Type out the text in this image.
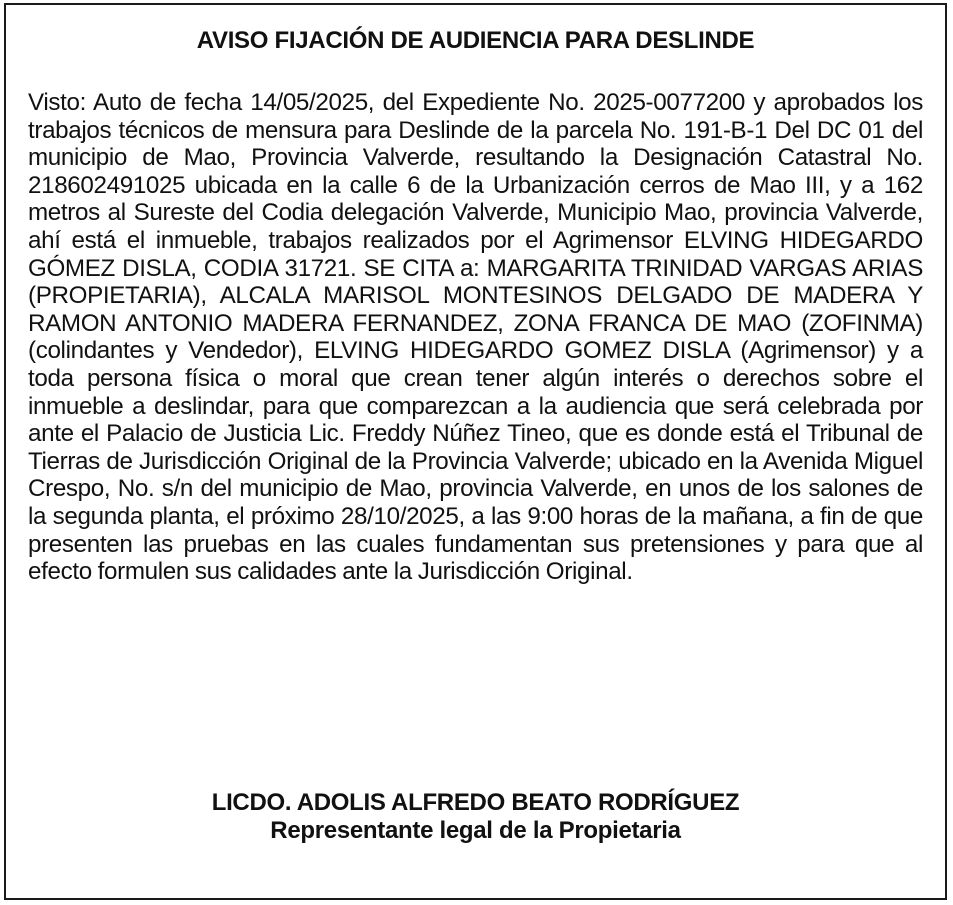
AVISO FIJACIÓN DE AUDIENCIA PARA DESLINDE

Visto: Auto de fecha 14/05/2025, del Expediente No. 2025-0077200 y aprobados los trabajos técnicos de mensura para Deslinde de la parcela No. 191-B-1 Del DC 01 del municipio de Mao, Provincia Valverde, resultando la Designación Catastral No. 218602491025 ubicada en la calle 6 de la Urbanización cerros de Mao III, y a 162 metros al Sureste del Codia delegación Valverde, Municipio Mao, provincia Valverde, ahí está el inmueble, trabajos realizados por el Agrimensor ELVING HIDEGARDO GÓMEZ DISLA, CODIA 31721. SE CITA a: MARGARITA TRINIDAD VARGAS ARIAS (PROPIETARIA), ALCALA MARISOL MONTESINOS DELGADO DE MADERA Y RAMON ANTONIO MADERA FERNANDEZ, ZONA FRANCA DE MAO (ZOFINMA) (colindantes y Vendedor), ELVING HIDEGARDO GOMEZ DISLA (Agrimensor) y a toda persona física o moral que crean tener algún interés o derechos sobre el inmueble a deslindar, para que comparezcan a la audiencia que será celebrada por ante el Palacio de Justicia Lic. Freddy Núñez Tineo, que es donde está el Tribunal de Tierras de Jurisdicción Original de la Provincia Valverde; ubicado en la Avenida Miguel Crespo, No. s/n del municipio de Mao, provincia Valverde, en unos de los salones de la segunda planta, el próximo 28/10/2025, a las 9:00 horas de la mañana, a fin de que presenten las pruebas en las cuales fundamentan sus pretensiones y para que al efecto formulen sus calidades ante la Jurisdicción Original.

LICDO. ADOLIS ALFREDO BEATO RODRÍGUEZ
Representante legal de la Propietaria
